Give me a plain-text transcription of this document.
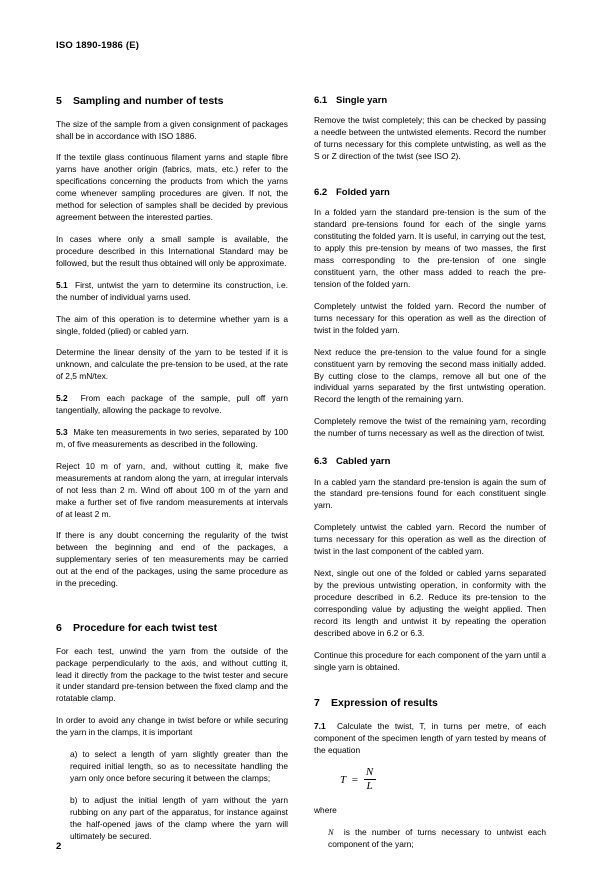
ISO 1890-1986 (E)
5 Sampling and number of tests

The size of the sample from a given consignment of packages shall be in accordance with ISO 1886.

If the textile glass continuous filament yarns and staple fibre yarns have another origin (fabrics, mats, etc.) refer to the specifications concerning the products from which the yarns come whenever sampling procedures are given. If not, the method for selection of samples shall be decided by previous agreement between the interested parties.

In cases where only a small sample is available, the procedure described in this International Standard may be followed, but the result thus obtained will only be approximate.

5.1 First, untwist the yarn to determine its construction, i.e. the number of individual yarns used.

The aim of this operation is to determine whether yarn is a single, folded (plied) or cabled yarn.

Determine the linear density of the yarn to be tested if it is unknown, and calculate the pre-tension to be used, at the rate of 2,5 mN/tex.

5.2 From each package of the sample, pull off yarn tangentially, allowing the package to revolve.

5.3 Make ten measurements in two series, separated by 100 m, of five measurements as described in the following.

Reject 10 m of yarn, and, without cutting it, make five measurements at random along the yarn, at irregular intervals of not less than 2 m. Wind off about 100 m of the yarn and make a further set of five random measurements at intervals of at least 2 m.

If there is any doubt concerning the regularity of the twist between the beginning and end of the packages, a supplementary series of ten measurements may be carried out at the end of the packages, using the same procedure as in the preceding.

6 Procedure for each twist test

For each test, unwind the yarn from the outside of the package perpendicularly to the axis, and without cutting it, lead it directly from the package to the twist tester and secure it under standard pre-tension between the fixed clamp and the rotatable clamp.

In order to avoid any change in twist before or while securing the yarn in the clamps, it is important

a) to select a length of yarn slightly greater than the required initial length, so as to necessitate handling the yarn only once before securing it between the clamps;

b) to adjust the initial length of yarn without the yarn rubbing on any part of the apparatus, for instance against the half-opened jaws of the clamp where the yarn will ultimately be secured.

6.1 Single yarn

Remove the twist completely; this can be checked by passing a needle between the untwisted elements. Record the number of turns necessary for this complete untwisting, as well as the S or Z direction of the twist (see ISO 2).

6.2 Folded yarn

In a folded yarn the standard pre-tension is the sum of the standard pre-tensions found for each of the single yarns constituting the folded yarn. It is useful, in carrying out the test, to apply this pre-tension by means of two masses, the first mass corresponding to the pre-tension of one single constituent yarn, the other mass added to reach the pre-tension of the folded yarn.

Completely untwist the folded yarn. Record the number of turns necessary for this operation as well as the direction of twist in the folded yarn.

Next reduce the pre-tension to the value found for a single constituent yarn by removing the second mass initially added. By cutting close to the clamps, remove all but one of the individual yarns separated by the first untwisting operation. Record the length of the remaining yarn.

Completely remove the twist of the remaining yarn, recording the number of turns necessary as well as the direction of twist.

6.3 Cabled yarn

In a cabled yarn the standard pre-tension is again the sum of the standard pre-tensions found for each constituent single yarn.

Completely untwist the cabled yarn. Record the number of turns necessary for this operation as well as the direction of twist in the last component of the cabled yarn.

Next, single out one of the folded or cabled yarns separated by the previous untwisting operation, in conformity with the procedure described in 6.2. Reduce its pre-tension to the corresponding value by adjusting the weight applied. Then record its length and untwist it by repeating the operation described above in 6.2 or 6.3.

Continue this procedure for each component of the yarn until a single yarn is obtained.

7 Expression of results

7.1 Calculate the twist, T, in turns per metre, of each component of the specimen length of yarn tested by means of the equation

$T = \frac{N}{L}$

where

N is the number of turns necessary to untwist each component of the yarn;

2
